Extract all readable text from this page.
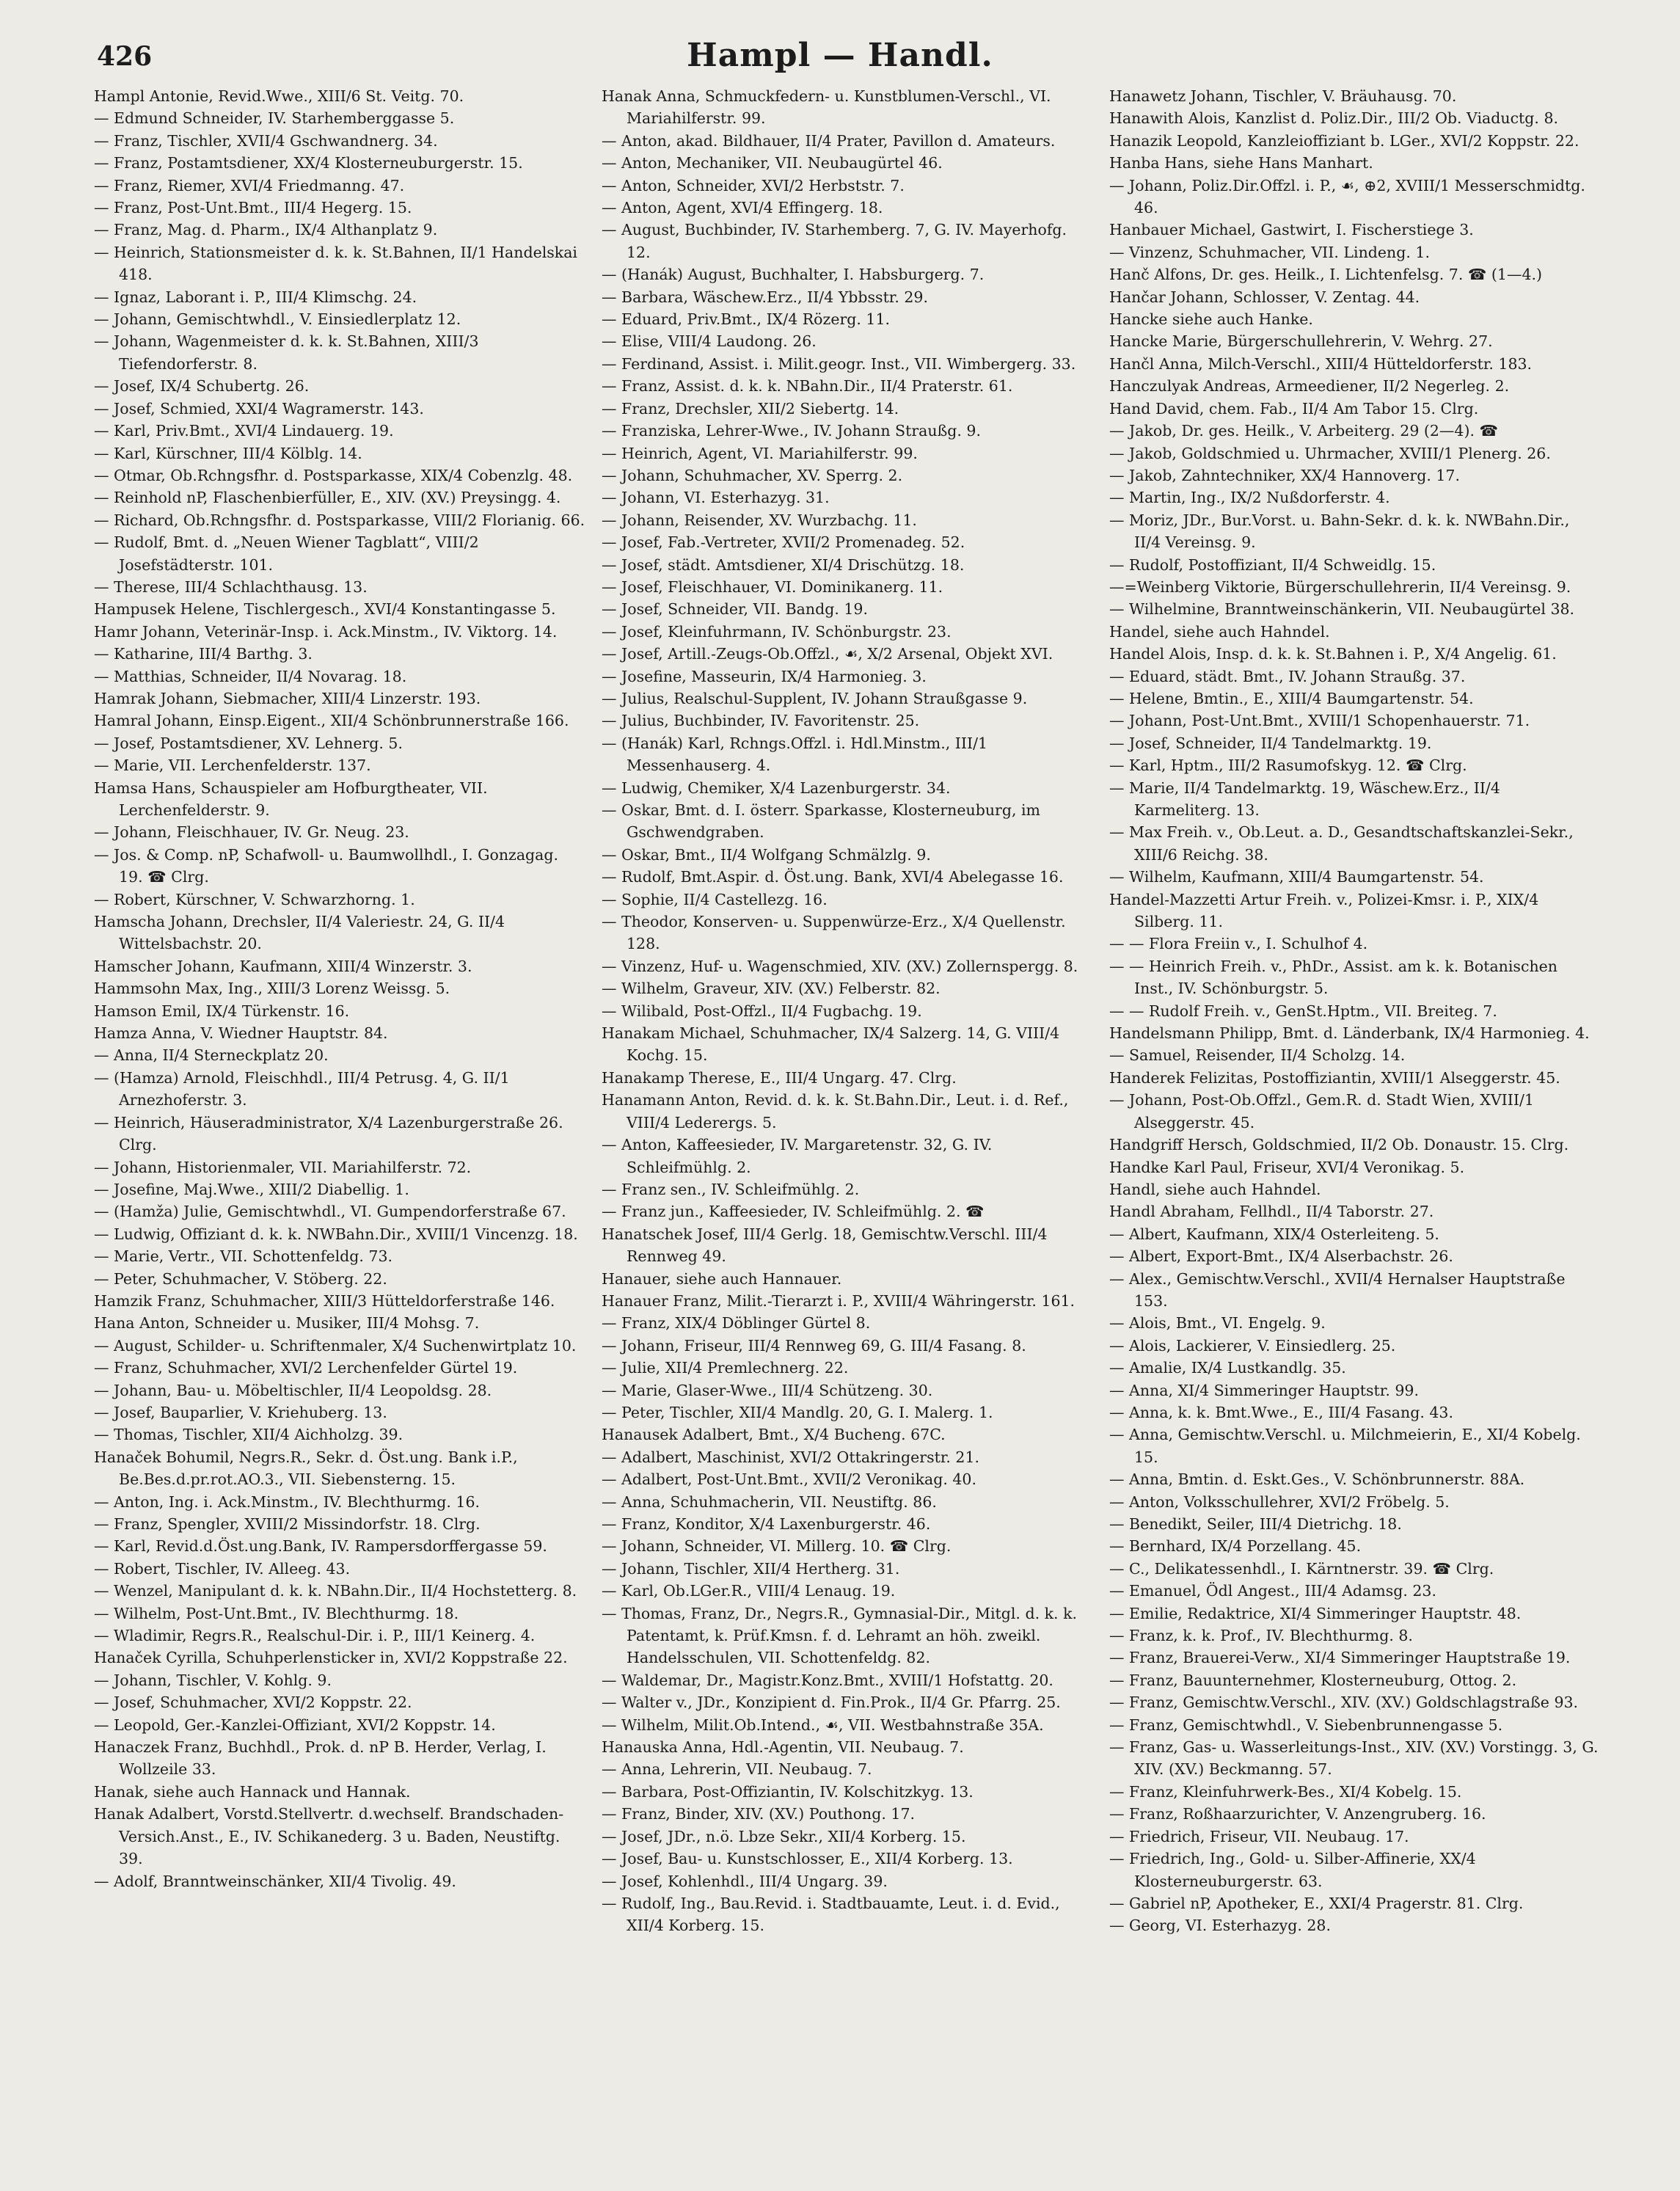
426	Hampl — Handl.
Hampl Antonie, Revid.Wwe., XIII/6 St. Veitg. 70.
— Edmund Schneider, IV. Starhemberggasse 5.
— Franz, Tischler, XVII/4 Gschwandnerg. 34.
— Franz, Postamtsdiener, XX/4 Klosterneuburgerstr. 15.
— Franz, Riemer, XVI/4 Friedmanng. 47.
— Franz, Post-Unt.Bmt., III/4 Hegerg. 15.
— Franz, Mag. d. Pharm., IX/4 Althanplatz 9.
— Heinrich, Stationsmeister d. k. k. St.Bahnen, II/1 Handelskai 418.
— Ignaz, Laborant i. P., III/4 Klimschg. 24.
— Johann, Gemischtwhdl., V. Einsiedlerplatz 12.
— Johann, Wagenmeister d. k. k. St.Bahnen, XIII/3 Tiefendorferstr. 8.
— Josef, IX/4 Schubertg. 26.
— Josef, Schmied, XXI/4 Wagramerstr. 143.
— Karl, Priv.Bmt., XVI/4 Lindauerg. 19.
— Karl, Kürschner, III/4 Kölblg. 14.
— Otmar, Ob.Rchngsfhr. d. Postsparkasse, XIX/4 Cobenzlg. 48.
— Reinhold nP, Flaschenbierfüller, E., XIV. (XV.) Preysingg. 4.
— Richard, Ob.Rchngsfhr. d. Postsparkasse, VIII/2 Florianig. 66.
— Rudolf, Bmt. d. „Neuen Wiener Tagblatt“, VIII/2 Josefstädterstr. 101.
— Therese, III/4 Schlachthausg. 13.
Hampusek Helene, Tischlergesch., XVI/4 Konstantingasse 5.
Hamr Johann, Veterinär-Insp. i. Ack.Minstm., IV. Viktorg. 14.
— Katharine, III/4 Barthg. 3.
— Matthias, Schneider, II/4 Novarag. 18.
Hamrak Johann, Siebmacher, XIII/4 Linzerstr. 193.
Hamral Johann, Einsp.Eigent., XII/4 Schönbrunnerstraße 166.
— Josef, Postamtsdiener, XV. Lehnerg. 5.
— Marie, VII. Lerchenfelderstr. 137.
Hamsa Hans, Schauspieler am Hofburgtheater, VII. Lerchenfelderstr. 9.
— Johann, Fleischhauer, IV. Gr. Neug. 23.
— Jos. & Comp. nP, Schafwoll- u. Baumwollhdl., I. Gonzagag. 19. ☎ Clrg.
— Robert, Kürschner, V. Schwarzhorng. 1.
Hamscha Johann, Drechsler, II/4 Valeriestr. 24, G. II/4 Wittelsbachstr. 20.
Hamscher Johann, Kaufmann, XIII/4 Winzerstr. 3.
Hammsohn Max, Ing., XIII/3 Lorenz Weissg. 5.
Hamson Emil, IX/4 Türkenstr. 16.
Hamza Anna, V. Wiedner Hauptstr. 84.
— Anna, II/4 Sterneckplatz 20.
— (Hamza) Arnold, Fleischhdl., III/4 Petrusg. 4, G. II/1 Arnezhoferstr. 3.
— Heinrich, Häuseradministrator, X/4 Lazenburgerstraße 26. Clrg.
— Johann, Historienmaler, VII. Mariahilferstr. 72.
— Josefine, Maj.Wwe., XIII/2 Diabellig. 1.
— (Hamža) Julie, Gemischtwhdl., VI. Gumpendorferstraße 67.
— Ludwig, Offiziant d. k. k. NWBahn.Dir., XVIII/1 Vincenzg. 18.
— Marie, Vertr., VII. Schottenfeldg. 73.
— Peter, Schuhmacher, V. Stöberg. 22.
Hamzik Franz, Schuhmacher, XIII/3 Hütteldorferstraße 146.
Hana Anton, Schneider u. Musiker, III/4 Mohsg. 7.
— August, Schilder- u. Schriftenmaler, X/4 Suchenwirtplatz 10.
— Franz, Schuhmacher, XVI/2 Lerchenfelder Gürtel 19.
— Johann, Bau- u. Möbeltischler, II/4 Leopoldsg. 28.
— Josef, Bauparlier, V. Kriehuberg. 13.
— Thomas, Tischler, XII/4 Aichholzg. 39.
Hanaček Bohumil, Negrs.R., Sekr. d. Öst.ung. Bank i.P., Be.Bes.d.pr.rot.AO.3., VII. Siebensterng. 15.
— Anton, Ing. i. Ack.Minstm., IV. Blechthurmg. 16.
— Franz, Spengler, XVIII/2 Missindorfstr. 18. Clrg.
— Karl, Revid.d.Öst.ung.Bank, IV. Rampersdorffergasse 59.
— Robert, Tischler, IV. Alleeg. 43.
— Wenzel, Manipulant d. k. k. NBahn.Dir., II/4 Hochstetterg. 8.
— Wilhelm, Post-Unt.Bmt., IV. Blechthurmg. 18.
— Wladimir, Regrs.R., Realschul-Dir. i. P., III/1 Keinerg. 4.
Hanaček Cyrilla, Schuhperlensticker in, XVI/2 Koppstraße 22.
— Johann, Tischler, V. Kohlg. 9.
— Josef, Schuhmacher, XVI/2 Koppstr. 22.
— Leopold, Ger.-Kanzlei-Offiziant, XVI/2 Koppstr. 14.
Hanaczek Franz, Buchhdl., Prok. d. nP B. Herder, Verlag, I. Wollzeile 33.
Hanak, siehe auch Hannack und Hannak.
Hanak Adalbert, Vorstd.Stellvertr. d.wechself. Brandschaden-Versich.Anst., E., IV. Schikanederg. 3 u. Baden, Neustiftg. 39.
— Adolf, Branntweinschänker, XII/4 Tivolig. 49.
Hanak Anna, Schmuckfedern- u. Kunstblumen-Verschl., VI. Mariahilferstr. 99.
— Anton, akad. Bildhauer, II/4 Prater, Pavillon d. Amateurs.
— Anton, Mechaniker, VII. Neubaugürtel 46.
— Anton, Schneider, XVI/2 Herbststr. 7.
— Anton, Agent, XVI/4 Effingerg. 18.
— August, Buchbinder, IV. Starhemberg. 7, G. IV. Mayerhofg. 12.
— (Hanák) August, Buchhalter, I. Habsburgerg. 7.
— Barbara, Wäschew.Erz., II/4 Ybbsstr. 29.
— Eduard, Priv.Bmt., IX/4 Rözerg. 11.
— Elise, VIII/4 Laudong. 26.
— Ferdinand, Assist. i. Milit.geogr. Inst., VII. Wimbergerg. 33.
— Franz, Assist. d. k. k. NBahn.Dir., II/4 Praterstr. 61.
— Franz, Drechsler, XII/2 Siebertg. 14.
— Franziska, Lehrer-Wwe., IV. Johann Straußg. 9.
— Heinrich, Agent, VI. Mariahilferstr. 99.
— Johann, Schuhmacher, XV. Sperrg. 2.
— Johann, VI. Esterhazyg. 31.
— Johann, Reisender, XV. Wurzbachg. 11.
— Josef, Fab.-Vertreter, XVII/2 Promenadeg. 52.
— Josef, städt. Amtsdiener, XI/4 Drischützg. 18.
— Josef, Fleischhauer, VI. Dominikanerg. 11.
— Josef, Schneider, VII. Bandg. 19.
— Josef, Kleinfuhrmann, IV. Schönburgstr. 23.
— Josef, Artill.-Zeugs-Ob.Offzl., ☙, X/2 Arsenal, Objekt XVI.
— Josefine, Masseurin, IX/4 Harmonieg. 3.
— Julius, Realschul-Supplent, IV. Johann Straußgasse 9.
— Julius, Buchbinder, IV. Favoritenstr. 25.
— (Hanák) Karl, Rchngs.Offzl. i. Hdl.Minstm., III/1 Messenhauserg. 4.
— Ludwig, Chemiker, X/4 Lazenburgerstr. 34.
— Oskar, Bmt. d. I. österr. Sparkasse, Klosterneuburg, im Gschwendgraben.
— Oskar, Bmt., II/4 Wolfgang Schmälzlg. 9.
— Rudolf, Bmt.Aspir. d. Öst.ung. Bank, XVI/4 Abelegasse 16.
— Sophie, II/4 Castellezg. 16.
— Theodor, Konserven- u. Suppenwürze-Erz., X/4 Quellenstr. 128.
— Vinzenz, Huf- u. Wagenschmied, XIV. (XV.) Zollernspergg. 8.
— Wilhelm, Graveur, XIV. (XV.) Felberstr. 82.
— Wilibald, Post-Offzl., II/4 Fugbachg. 19.
Hanakam Michael, Schuhmacher, IX/4 Salzerg. 14, G. VIII/4 Kochg. 15.
Hanakamp Therese, E., III/4 Ungarg. 47. Clrg.
Hanamann Anton, Revid. d. k. k. St.Bahn.Dir., Leut. i. d. Ref., VIII/4 Lederergs. 5.
— Anton, Kaffeesieder, IV. Margaretenstr. 32, G. IV. Schleifmühlg. 2.
— Franz sen., IV. Schleifmühlg. 2.
— Franz jun., Kaffeesieder, IV. Schleifmühlg. 2. ☎
Hanatschek Josef, III/4 Gerlg. 18, Gemischtw.Verschl. III/4 Rennweg 49.
Hanauer, siehe auch Hannauer.
Hanauer Franz, Milit.-Tierarzt i. P., XVIII/4 Währingerstr. 161.
— Franz, XIX/4 Döblinger Gürtel 8.
— Johann, Friseur, III/4 Rennweg 69, G. III/4 Fasang. 8.
— Julie, XII/4 Premlechnerg. 22.
— Marie, Glaser-Wwe., III/4 Schützeng. 30.
— Peter, Tischler, XII/4 Mandlg. 20, G. I. Malerg. 1.
Hanausek Adalbert, Bmt., X/4 Bucheng. 67C.
— Adalbert, Maschinist, XVI/2 Ottakringerstr. 21.
— Adalbert, Post-Unt.Bmt., XVII/2 Veronikag. 40.
— Anna, Schuhmacherin, VII. Neustiftg. 86.
— Franz, Konditor, X/4 Laxenburgerstr. 46.
— Johann, Schneider, VI. Millerg. 10. ☎ Clrg.
— Johann, Tischler, XII/4 Hertherg. 31.
— Karl, Ob.LGer.R., VIII/4 Lenaug. 19.
— Thomas, Franz, Dr., Negrs.R., Gymnasial-Dir., Mitgl. d. k. k. Patentamt, k. Prüf.Kmsn. f. d. Lehramt an höh. zweikl. Handelsschulen, VII. Schottenfeldg. 82.
— Waldemar, Dr., Magistr.Konz.Bmt., XVIII/1 Hofstattg. 20.
— Walter v., JDr., Konzipient d. Fin.Prok., II/4 Gr. Pfarrg. 25.
— Wilhelm, Milit.Ob.Intend., ☙, VII. Westbahnstraße 35A.
Hanauska Anna, Hdl.-Agentin, VII. Neubaug. 7.
— Anna, Lehrerin, VII. Neubaug. 7.
— Barbara, Post-Offiziantin, IV. Kolschitzkyg. 13.
— Franz, Binder, XIV. (XV.) Pouthong. 17.
— Josef, JDr., n.ö. Lbze Sekr., XII/4 Korberg. 15.
— Josef, Bau- u. Kunstschlosser, E., XII/4 Korberg. 13.
— Josef, Kohlenhdl., III/4 Ungarg. 39.
— Rudolf, Ing., Bau.Revid. i. Stadtbauamte, Leut. i. d. Evid., XII/4 Korberg. 15.
Hanawetz Johann, Tischler, V. Bräuhausg. 70.
Hanawith Alois, Kanzlist d. Poliz.Dir., III/2 Ob. Viaductg. 8.
Hanazik Leopold, Kanzleioffiziant b. LGer., XVI/2 Koppstr. 22.
Hanba Hans, siehe Hans Manhart.
— Johann, Poliz.Dir.Offzl. i. P., ☙, ⊕2, XVIII/1 Messerschmidtg. 46.
Hanbauer Michael, Gastwirt, I. Fischerstiege 3.
— Vinzenz, Schuhmacher, VII. Lindeng. 1.
Hanč Alfons, Dr. ges. Heilk., I. Lichtenfelsg. 7. ☎ (1—4.)
Hančar Johann, Schlosser, V. Zentag. 44.
Hancke siehe auch Hanke.
Hancke Marie, Bürgerschullehrerin, V. Wehrg. 27.
Hančl Anna, Milch-Verschl., XIII/4 Hütteldorferstr. 183.
Hanczulyak Andreas, Armeediener, II/2 Negerleg. 2.
Hand David, chem. Fab., II/4 Am Tabor 15. Clrg.
— Jakob, Dr. ges. Heilk., V. Arbeiterg. 29 (2—4). ☎
— Jakob, Goldschmied u. Uhrmacher, XVIII/1 Plenerg. 26.
— Jakob, Zahntechniker, XX/4 Hannoverg. 17.
— Martin, Ing., IX/2 Nußdorferstr. 4.
— Moriz, JDr., Bur.Vorst. u. Bahn-Sekr. d. k. k. NWBahn.Dir., II/4 Vereinsg. 9.
— Rudolf, Postoffiziant, II/4 Schweidlg. 15.
—=Weinberg Viktorie, Bürgerschullehrerin, II/4 Vereinsg. 9.
— Wilhelmine, Branntweinschänkerin, VII. Neubaugürtel 38.
Handel, siehe auch Hahndel.
Handel Alois, Insp. d. k. k. St.Bahnen i. P., X/4 Angelig. 61.
— Eduard, städt. Bmt., IV. Johann Straußg. 37.
— Helene, Bmtin., E., XIII/4 Baumgartenstr. 54.
— Johann, Post-Unt.Bmt., XVIII/1 Schopenhauerstr. 71.
— Josef, Schneider, II/4 Tandelmarktg. 19.
— Karl, Hptm., III/2 Rasumofskyg. 12. ☎ Clrg.
— Marie, II/4 Tandelmarktg. 19, Wäschew.Erz., II/4 Karmeliterg. 13.
— Max Freih. v., Ob.Leut. a. D., Gesandtschaftskanzlei-Sekr., XIII/6 Reichg. 38.
— Wilhelm, Kaufmann, XIII/4 Baumgartenstr. 54.
Handel-Mazzetti Artur Freih. v., Polizei-Kmsr. i. P., XIX/4 Silberg. 11.
— — Flora Freiin v., I. Schulhof 4.
— — Heinrich Freih. v., PhDr., Assist. am k. k. Botanischen Inst., IV. Schönburgstr. 5.
— — Rudolf Freih. v., GenSt.Hptm., VII. Breiteg. 7.
Handelsmann Philipp, Bmt. d. Länderbank, IX/4 Harmonieg. 4.
— Samuel, Reisender, II/4 Scholzg. 14.
Handerek Felizitas, Postoffiziantin, XVIII/1 Alseggerstr. 45.
— Johann, Post-Ob.Offzl., Gem.R. d. Stadt Wien, XVIII/1 Alseggerstr. 45.
Handgriff Hersch, Goldschmied, II/2 Ob. Donaustr. 15. Clrg.
Handke Karl Paul, Friseur, XVI/4 Veronikag. 5.
Handl, siehe auch Hahndel.
Handl Abraham, Fellhdl., II/4 Taborstr. 27.
— Albert, Kaufmann, XIX/4 Osterleiteng. 5.
— Albert, Export-Bmt., IX/4 Alserbachstr. 26.
— Alex., Gemischtw.Verschl., XVII/4 Hernalser Hauptstraße 153.
— Alois, Bmt., VI. Engelg. 9.
— Alois, Lackierer, V. Einsiedlerg. 25.
— Amalie, IX/4 Lustkandlg. 35.
— Anna, XI/4 Simmeringer Hauptstr. 99.
— Anna, k. k. Bmt.Wwe., E., III/4 Fasang. 43.
— Anna, Gemischtw.Verschl. u. Milchmeierin, E., XI/4 Kobelg. 15.
— Anna, Bmtin. d. Eskt.Ges., V. Schönbrunnerstr. 88A.
— Anton, Volksschullehrer, XVI/2 Fröbelg. 5.
— Benedikt, Seiler, III/4 Dietrichg. 18.
— Bernhard, IX/4 Porzellang. 45.
— C., Delikatessenhdl., I. Kärntnerstr. 39. ☎ Clrg.
— Emanuel, Ödl Angest., III/4 Adamsg. 23.
— Emilie, Redaktrice, XI/4 Simmeringer Hauptstr. 48.
— Franz, k. k. Prof., IV. Blechthurmg. 8.
— Franz, Brauerei-Verw., XI/4 Simmeringer Hauptstraße 19.
— Franz, Bauunternehmer, Klosterneuburg, Ottog. 2.
— Franz, Gemischtw.Verschl., XIV. (XV.) Goldschlagstraße 93.
— Franz, Gemischtwhdl., V. Siebenbrunnengasse 5.
— Franz, Gas- u. Wasserleitungs-Inst., XIV. (XV.) Vorstingg. 3, G. XIV. (XV.) Beckmanng. 57.
— Franz, Kleinfuhrwerk-Bes., XI/4 Kobelg. 15.
— Franz, Roßhaarzurichter, V. Anzengruberg. 16.
— Friedrich, Friseur, VII. Neubaug. 17.
— Friedrich, Ing., Gold- u. Silber-Affinerie, XX/4 Klosterneuburgerstr. 63.
— Gabriel nP, Apotheker, E., XXI/4 Pragerstr. 81. Clrg.
— Georg, VI. Esterhazyg. 28.
